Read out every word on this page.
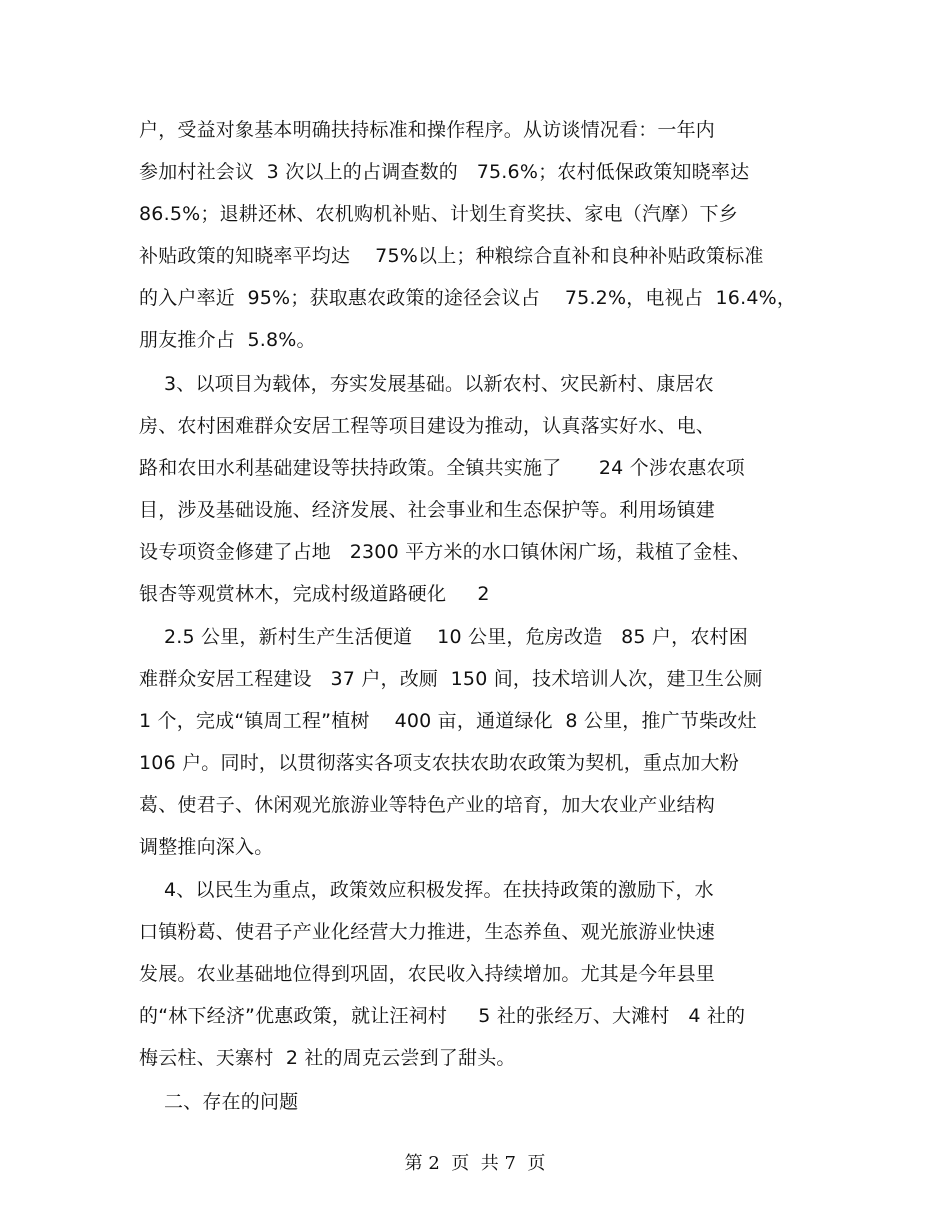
户，受益对象基本明确扶持标准和操作程序。从访谈情况看：一年内
参加村社会议  3 次以上的占调查数的   75.6%；农村低保政策知晓率达
86.5%；退耕还林、农机购机补贴、计划生育奖扶、家电（汽摩）下乡
补贴政策的知晓率平均达    75%以上；种粮综合直补和良种补贴政策标准
的入户率近  95%；获取惠农政策的途径会议占    75.2%，电视占  16.4%，
朋友推介占  5.8%。
3、以项目为载体，夯实发展基础。以新农村、灾民新村、康居农
房、农村困难群众安居工程等项目建设为推动，认真落实好水、电、
路和农田水利基础建设等扶持政策。全镇共实施了      24 个涉农惠农项
目，涉及基础设施、经济发展、社会事业和生态保护等。利用场镇建
设专项资金修建了占地   2300 平方米的水口镇休闲广场，栽植了金桂、
银杏等观赏林木，完成村级道路硬化     2
2.5 公里，新村生产生活便道    10 公里，危房改造   85 户，农村困
难群众安居工程建设   37 户，改厕  150 间，技术培训人次，建卫生公厕
1 个，完成“镇周工程”植树    400 亩，通道绿化  8 公里，推广节柴改灶
106 户。同时，以贯彻落实各项支农扶农助农政策为契机，重点加大粉
葛、使君子、休闲观光旅游业等特色产业的培育，加大农业产业结构
调整推向深入。
4、以民生为重点，政策效应积极发挥。在扶持政策的激励下，水
口镇粉葛、使君子产业化经营大力推进，生态养鱼、观光旅游业快速
发展。农业基础地位得到巩固，农民收入持续增加。尤其是今年县里
的“林下经济”优惠政策，就让汪祠村     5 社的张经万、大滩村   4 社的
梅云柱、天寨村  2 社的周克云尝到了甜头。
二、存在的问题
第 2  页  共 7  页
